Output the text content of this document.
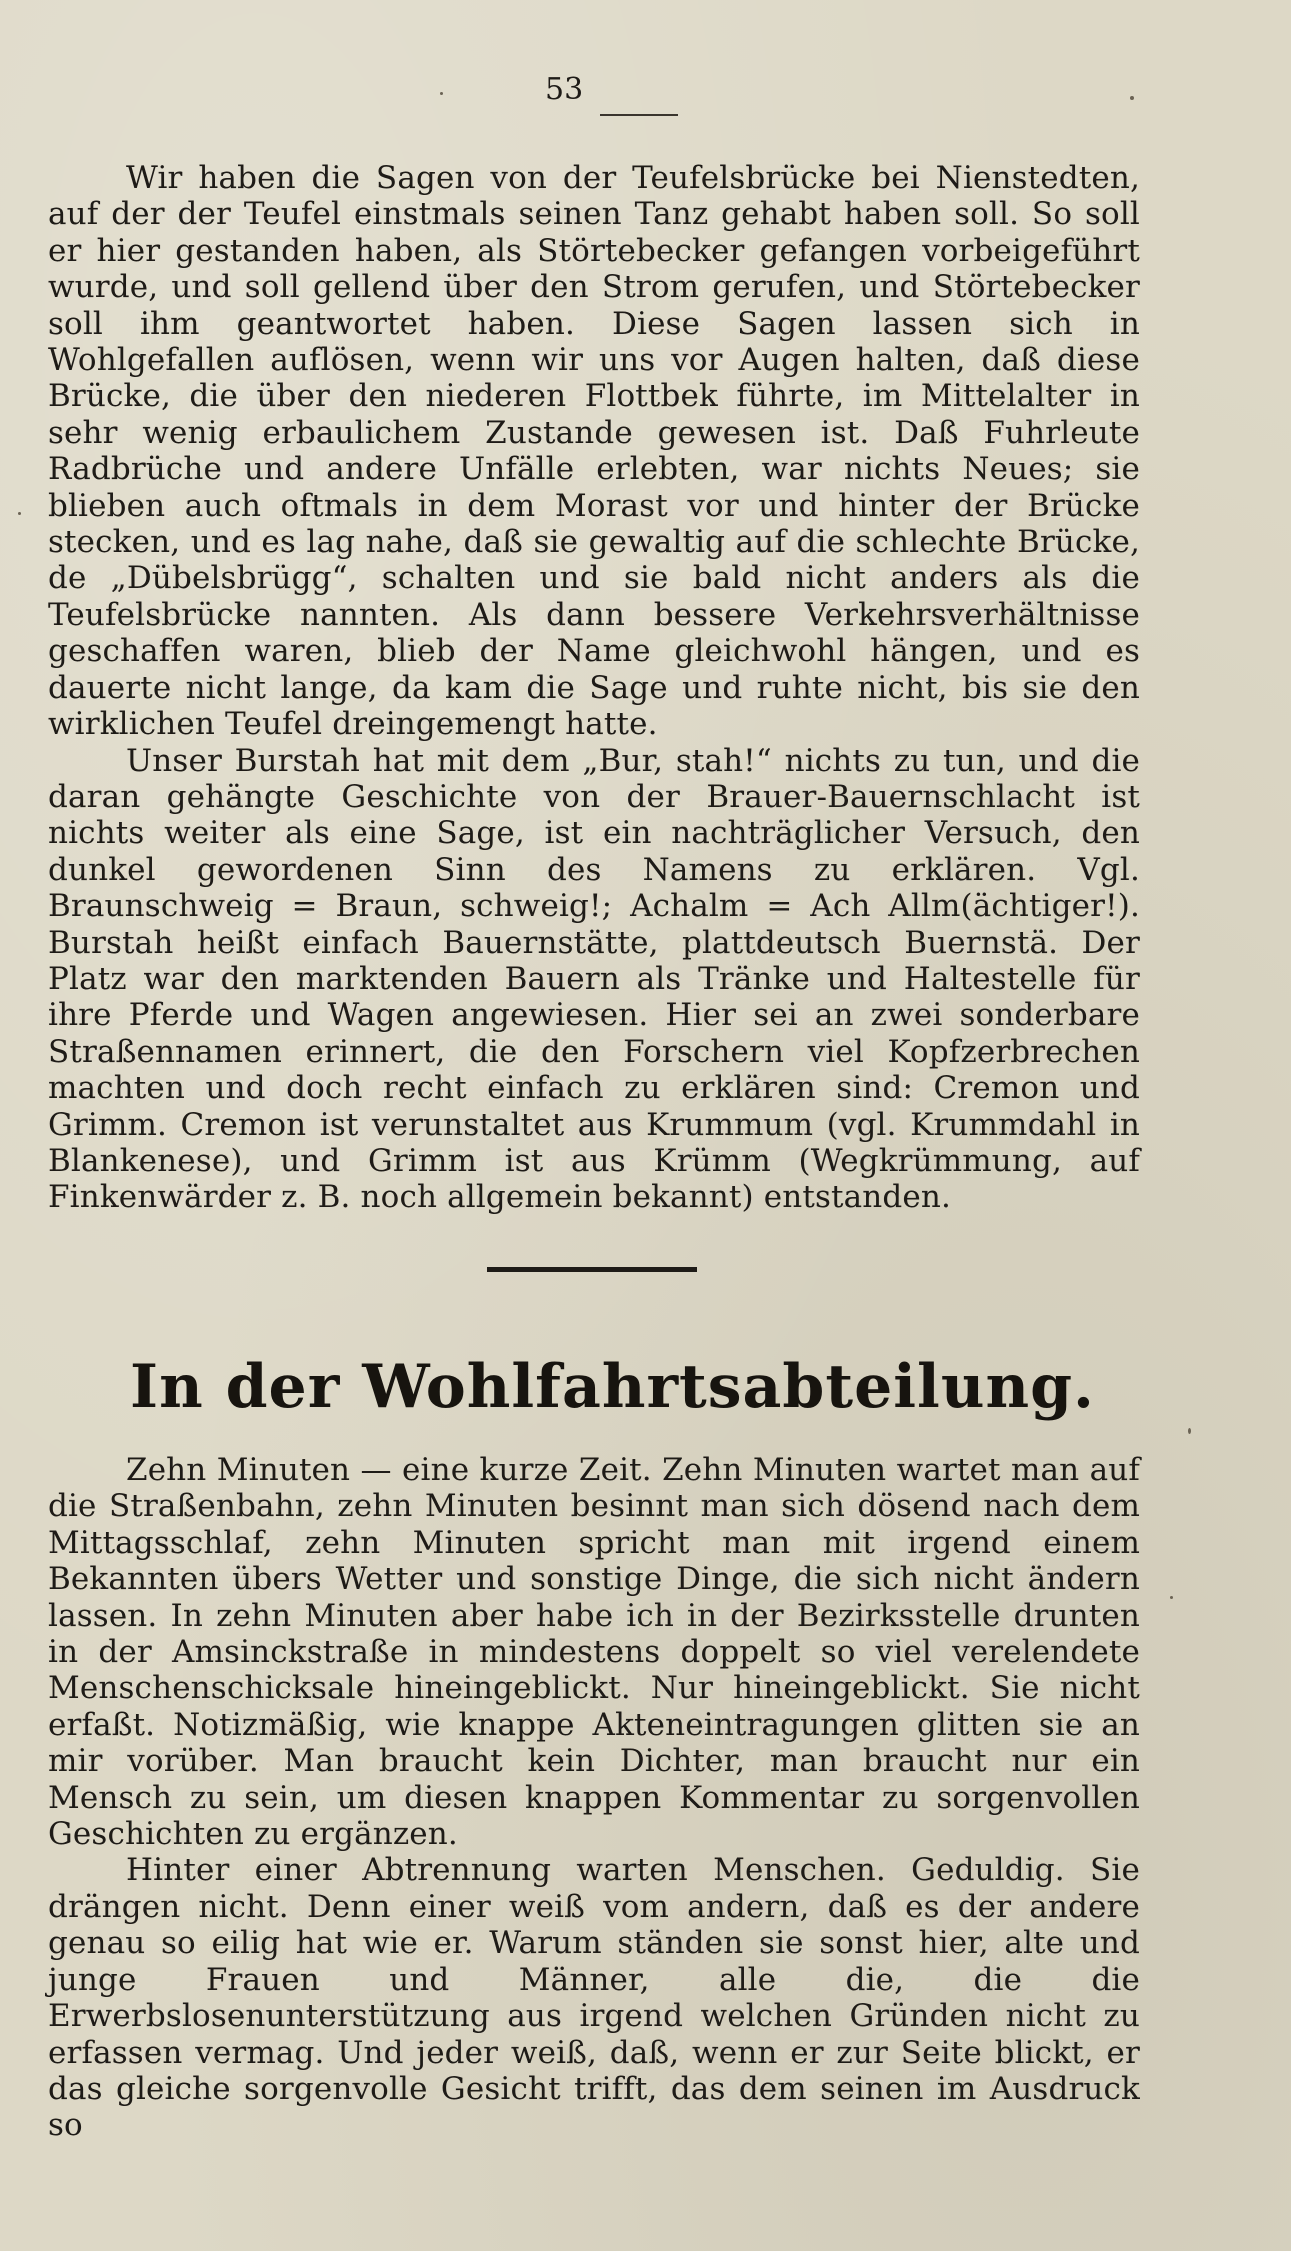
53

Wir haben die Sagen von der Teufelsbrücke bei Nienstedten, auf der der Teufel einstmals seinen Tanz gehabt haben soll. So soll er hier gestanden haben, als Störtebecker gefangen vorbeigeführt wurde, und soll gellend über den Strom gerufen, und Störtebecker soll ihm geantwortet haben. Diese Sagen lassen sich in Wohlgefallen auflösen, wenn wir uns vor Augen halten, daß diese Brücke, die über den niederen Flottbek führte, im Mittelalter in sehr wenig erbaulichem Zustande gewesen ist. Daß Fuhrleute Radbrüche und andere Unfälle erlebten, war nichts Neues; sie blieben auch oftmals in dem Morast vor und hinter der Brücke stecken, und es lag nahe, daß sie gewaltig auf die schlechte Brücke, de „Dübelsbrügg“, schalten und sie bald nicht anders als die Teufelsbrücke nannten. Als dann bessere Verkehrsverhältnisse geschaffen waren, blieb der Name gleichwohl hängen, und es dauerte nicht lange, da kam die Sage und ruhte nicht, bis sie den wirklichen Teufel dreingemengt hatte.

Unser Burstah hat mit dem „Bur, stah!“ nichts zu tun, und die daran gehängte Geschichte von der Brauer-Bauernschlacht ist nichts weiter als eine Sage, ist ein nachträglicher Versuch, den dunkel gewordenen Sinn des Namens zu erklären. Vgl. Braunschweig = Braun, schweig!; Achalm = Ach Allm(ächtiger!). Burstah heißt einfach Bauernstätte, plattdeutsch Buernstä. Der Platz war den marktenden Bauern als Tränke und Haltestelle für ihre Pferde und Wagen angewiesen. Hier sei an zwei sonderbare Straßennamen erinnert, die den Forschern viel Kopfzerbrechen machten und doch recht einfach zu erklären sind: Cremon und Grimm. Cremon ist verunstaltet aus Krummum (vgl. Krummdahl in Blankenese), und Grimm ist aus Krümm (Wegkrümmung, auf Finkenwärder z. B. noch allgemein bekannt) entstanden.

In der Wohlfahrtsabteilung.

Zehn Minuten — eine kurze Zeit. Zehn Minuten wartet man auf die Straßenbahn, zehn Minuten besinnt man sich dösend nach dem Mittagsschlaf, zehn Minuten spricht man mit irgend einem Bekannten übers Wetter und sonstige Dinge, die sich nicht ändern lassen. In zehn Minuten aber habe ich in der Bezirksstelle drunten in der Amsinckstraße in mindestens doppelt so viel verelendete Menschenschicksale hineingeblickt. Nur hineingeblickt. Sie nicht erfaßt. Notizmäßig, wie knappe Akteneintragungen glitten sie an mir vorüber. Man braucht kein Dichter, man braucht nur ein Mensch zu sein, um diesen knappen Kommentar zu sorgenvollen Geschichten zu ergänzen.

Hinter einer Abtrennung warten Menschen. Geduldig. Sie drängen nicht. Denn einer weiß vom andern, daß es der andere genau so eilig hat wie er. Warum ständen sie sonst hier, alte und junge Frauen und Männer, alle die, die die Erwerbslosenunterstützung aus irgend welchen Gründen nicht zu erfassen vermag. Und jeder weiß, daß, wenn er zur Seite blickt, er das gleiche sorgenvolle Gesicht trifft, das dem seinen im Ausdruck so
